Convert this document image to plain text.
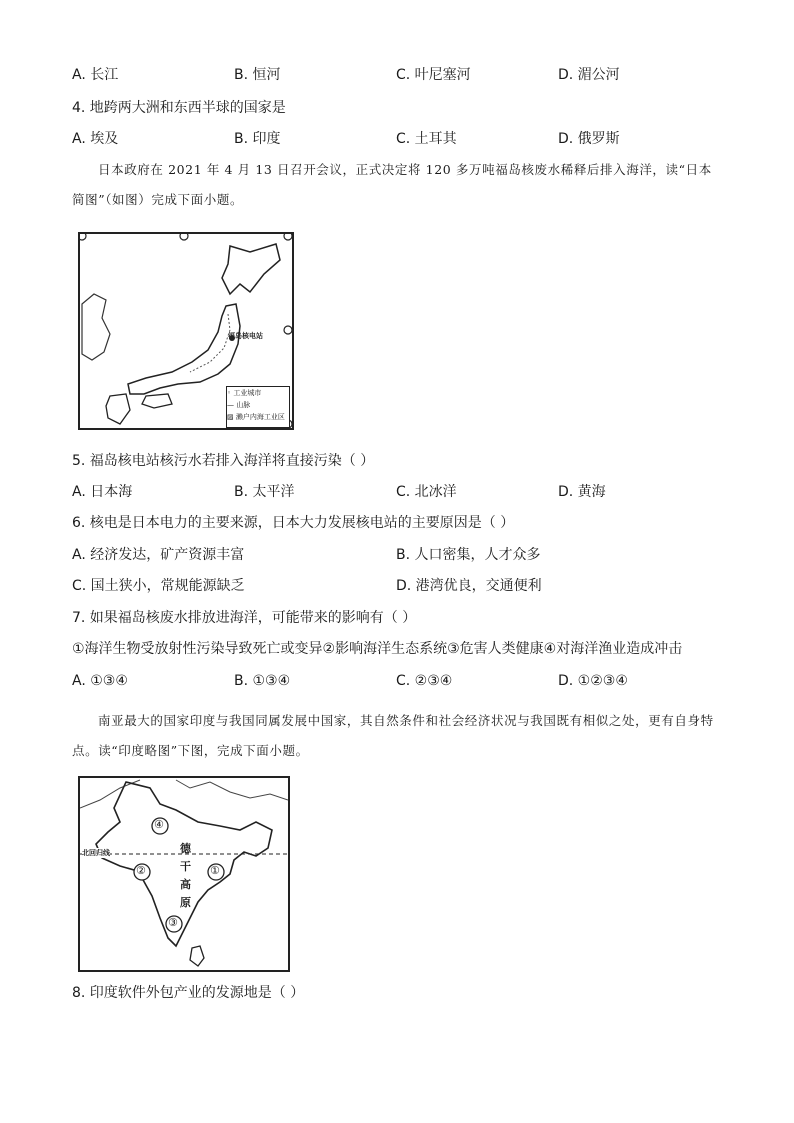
A. 长江	B. 恒河	C. 叶尼塞河	D. 湄公河
4. 地跨两大洲和东西半球的国家是
A. 埃及	B. 印度	C. 土耳其	D. 俄罗斯
日本政府在 2021 年 4 月 13 日召开会议，正式决定将 120 多万吨福岛核废水稀释后排入海洋，读“日本简图”（如图）完成下面小题。
福岛核电站
◦ 工业城市
— 山脉
▨ 濑户内海工业区
5. 福岛核电站核污水若排入海洋将直接污染（ ）
A. 日本海	B. 太平洋	C. 北冰洋	D. 黄海
6. 核电是日本电力的主要来源，日本大力发展核电站的主要原因是（ ）
A. 经济发达，矿产资源丰富	B. 人口密集，人才众多
C. 国土狭小，常规能源缺乏	D. 港湾优良，交通便利
7. 如果福岛核废水排放进海洋，可能带来的影响有（ ）
①海洋生物受放射性污染导致死亡或变异②影响海洋生态系统③危害人类健康④对海洋渔业造成冲击
A. ①③④	B. ①③④	C. ②③④	D. ①②③④
南亚最大的国家印度与我国同属发展中国家，其自然条件和社会经济状况与我国既有相似之处，更有自身特点。读“印度略图”下图，完成下面小题。
北回归线
④
②	①
③
德
干
高
原
8. 印度软件外包产业的发源地是（ ）
